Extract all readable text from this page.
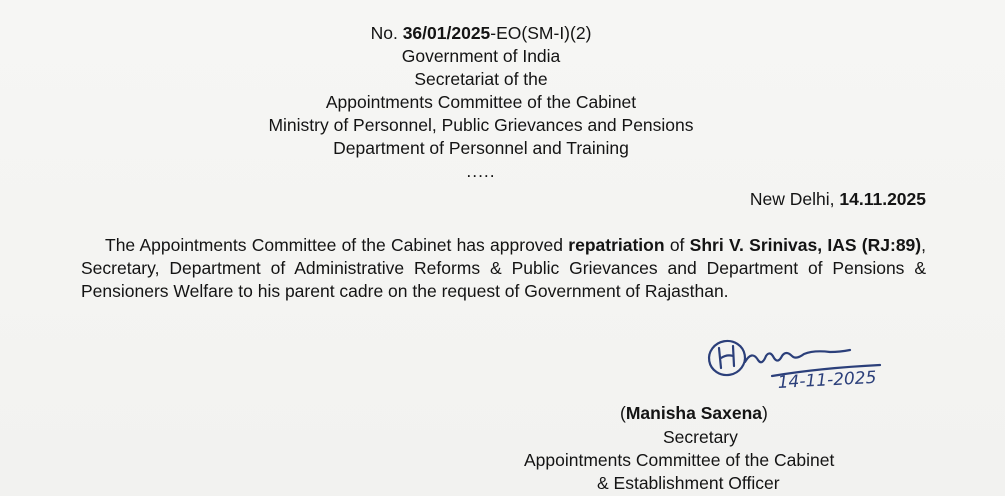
No. 36/01/2025-EO(SM-I)(2)
Government of India
Secretariat of the
Appointments Committee of the Cabinet
Ministry of Personnel, Public Grievances and Pensions
Department of Personnel and Training
.....
New Delhi, 14.11.2025
The Appointments Committee of the Cabinet has approved repatriation of Shri V. Srinivas, IAS (RJ:89), Secretary, Department of Administrative Reforms & Public Grievances and Department of Pensions & Pensioners Welfare to his parent cadre on the request of Government of Rajasthan.
14-11-2025
(Manisha Saxena)
Secretary
Appointments Committee of the Cabinet
& Establishment Officer
